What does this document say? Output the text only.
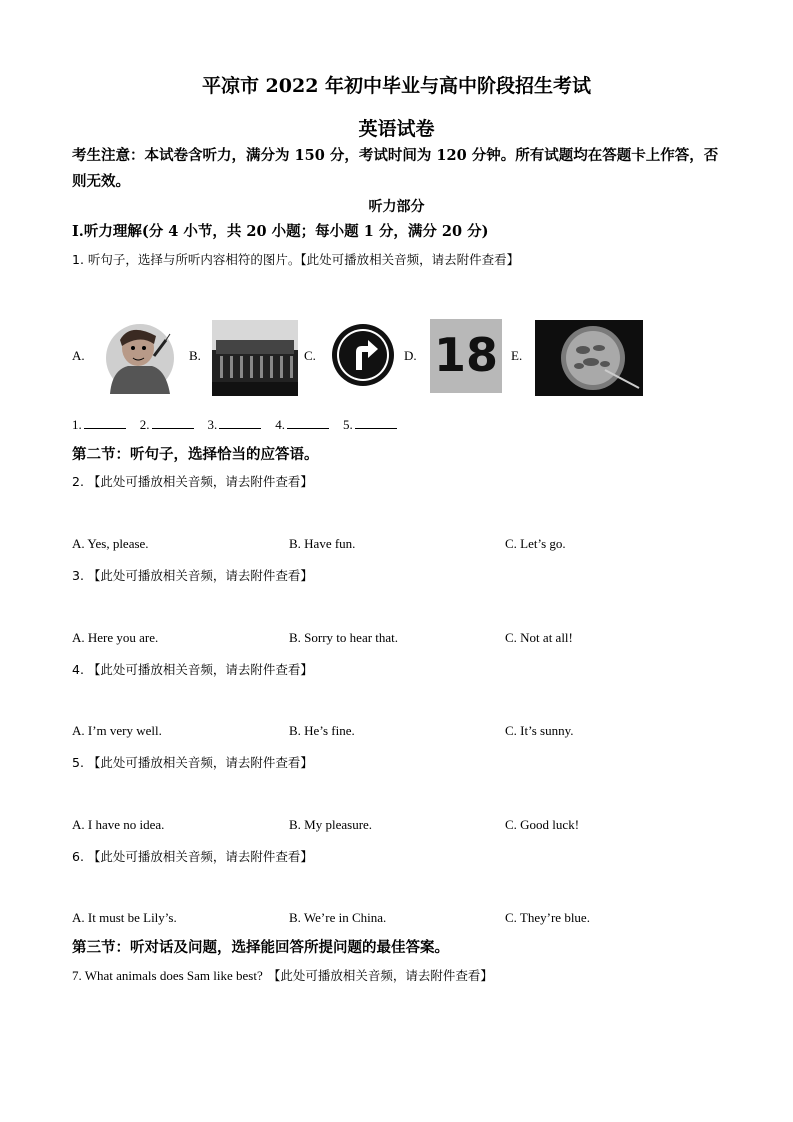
平凉市 2022 年初中毕业与高中阶段招生考试
英语试卷
考生注意：本试卷含听力，满分为 150 分，考试时间为 120 分钟。所有试题均在答题卡上作答，否则无效。
听力部分
I.听力理解(分 4 小节，共 20 小题；每小题 1 分，满分 20 分)
1. 听句子，选择与所听内容相符的图片。【此处可播放相关音频，请去附件查看】
A.	B.	C.	D. 18	E.
1.	2.	3.	4.	5.
第二节：听句子，选择恰当的应答语。
2. 【此处可播放相关音频，请去附件查看】
A. Yes, please.	B. Have fun.	C. Let’s go.
3. 【此处可播放相关音频，请去附件查看】
A. Here you are.	B. Sorry to hear that.	C. Not at all!
4. 【此处可播放相关音频，请去附件查看】
A. I’m very well.	B. He’s fine.	C. It’s sunny.
5. 【此处可播放相关音频，请去附件查看】
A. I have no idea.	B. My pleasure.	C. Good luck!
6. 【此处可播放相关音频，请去附件查看】
A. It must be Lily’s.	B. We’re in China.	C. They’re blue.
第三节：听对话及问题，选择能回答所提问题的最佳答案。
7. What animals does Sam like best? 【此处可播放相关音频，请去附件查看】
